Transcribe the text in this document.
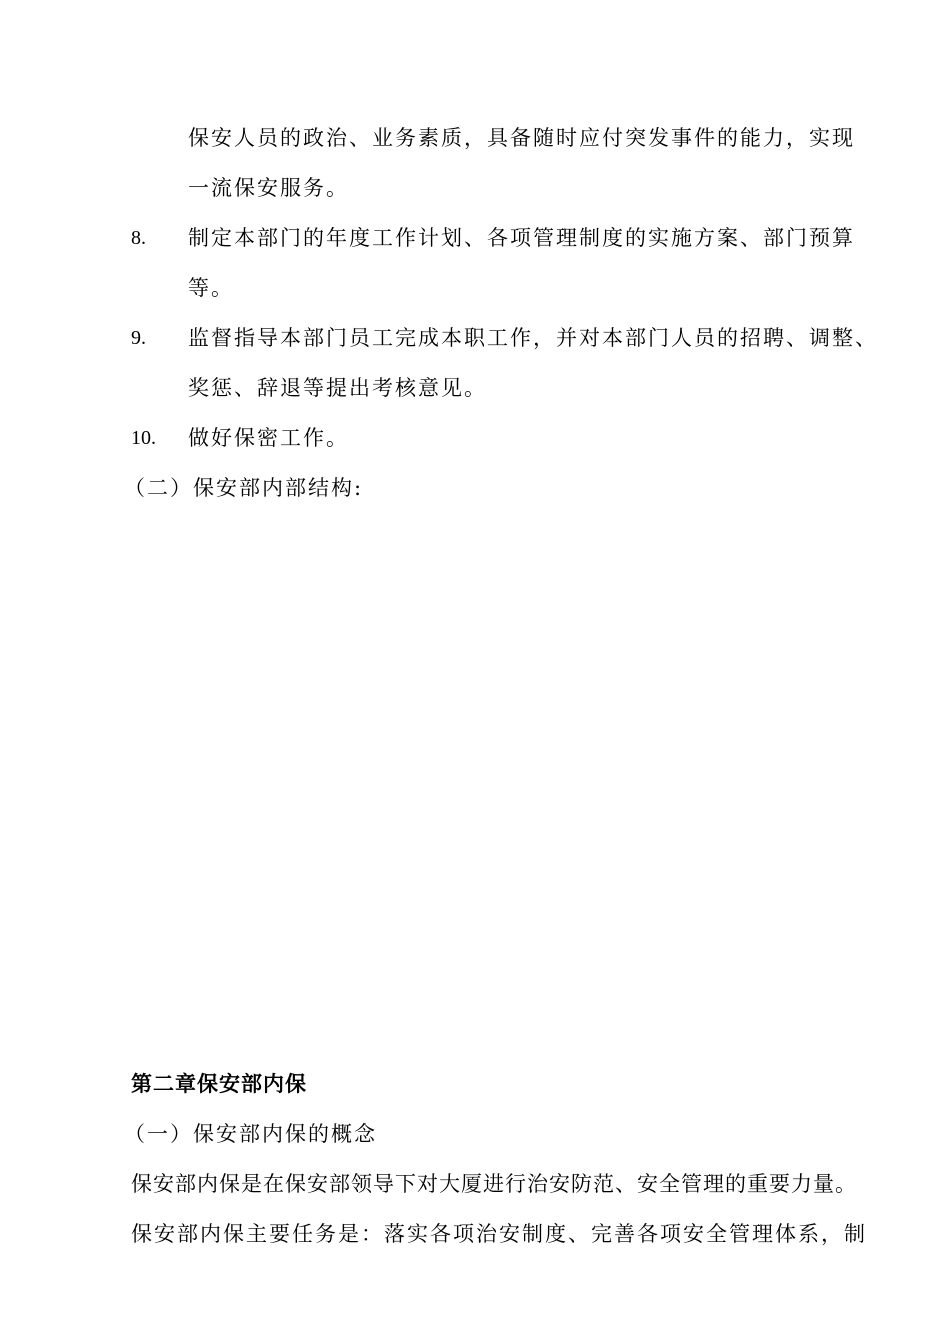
保安人员的政治、业务素质，具备随时应付突发事件的能力，实现
一流保安服务。
8. 制定本部门的年度工作计划、各项管理制度的实施方案、部门预算
等。
9. 监督指导本部门员工完成本职工作，并对本部门人员的招聘、调整、
奖惩、辞退等提出考核意见。
10. 做好保密工作。
（二）保安部内部结构:
第二章保安部内保
（一）保安部内保的概念
保安部内保是在保安部领导下对大厦进行治安防范、安全管理的重要力量。
保安部内保主要任务是：落实各项治安制度、完善各项安全管理体系，制
